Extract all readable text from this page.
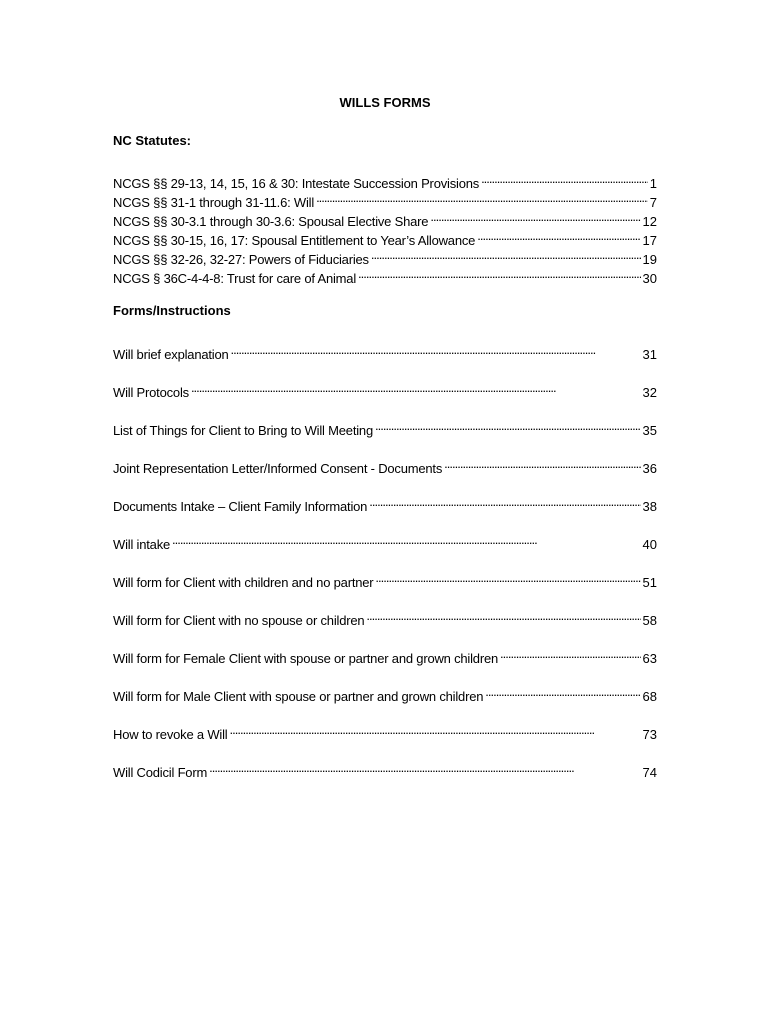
WILLS FORMS
NC Statutes:
NCGS §§ 29-13, 14, 15, 16 & 30: Intestate Succession Provisions . . .	1
NCGS §§ 31-1 through 31-11.6: Will . . .	7
NCGS §§ 30-3.1 through 30-3.6: Spousal Elective Share . . .	12
NCGS §§ 30-15, 16, 17: Spousal Entitlement to Year’s Allowance . . .	17
NCGS §§ 32-26, 32-27: Powers of Fiduciaries . . .	19
NCGS § 36C-4-4-8: Trust for care of Animal . . .	30
Forms/Instructions
Will brief explanation . . .	31
Will Protocols . . .	32
List of Things for Client to Bring to Will Meeting . . .	35
Joint Representation Letter/Informed Consent - Documents . . .	36
Documents Intake – Client Family Information . . .	38
Will intake . . .	40
Will form for Client with children and no partner . . .	51
Will form for Client with no spouse or children . . .	58
Will form for Female Client with spouse or partner and grown children . . .	63
Will form for Male Client with spouse or partner and grown children . . .	68
How to revoke a Will . . .	73
Will Codicil Form . . .	74
